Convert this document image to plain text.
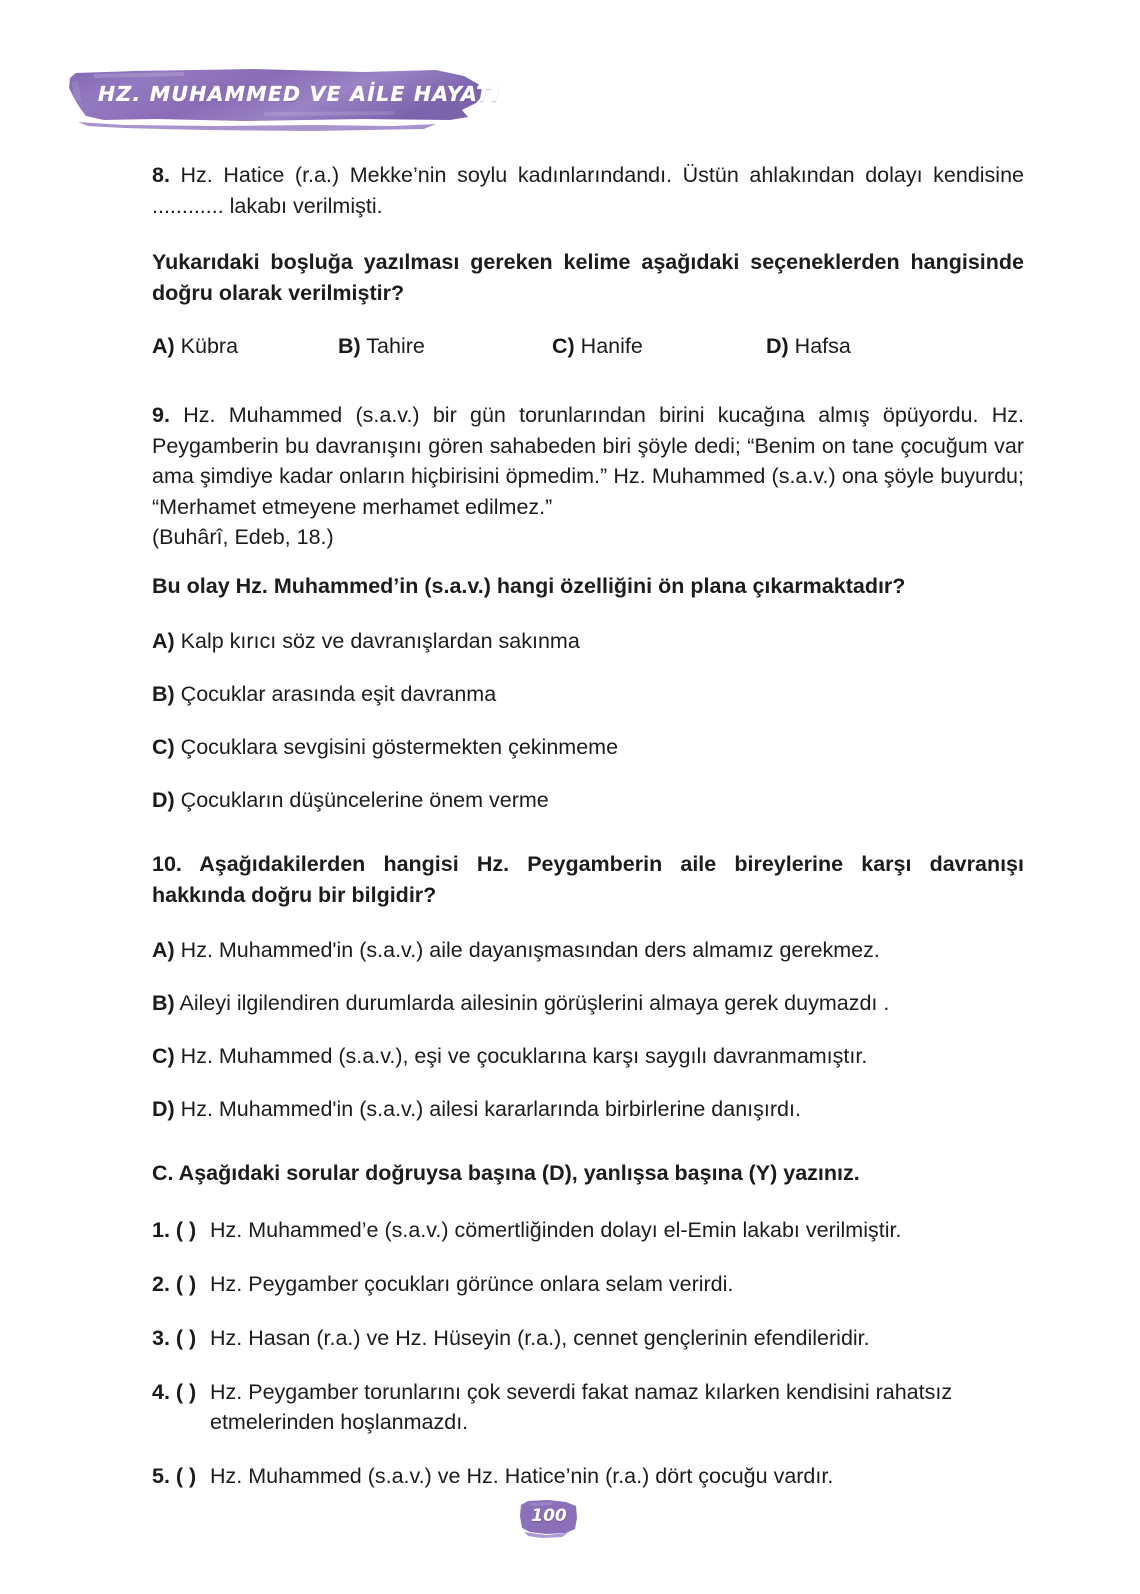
HZ. MUHAMMED VE AİLE HAYATI

8. Hz. Hatice (r.a.) Mekke’nin soylu kadınlarındandı. Üstün ahlakından dolayı kendisine ............ lakabı verilmişti.

Yukarıdaki boşluğa yazılması gereken kelime aşağıdaki seçeneklerden hangisinde doğru olarak verilmiştir?

A) Kübra	B) Tahire	C) Hanife	D) Hafsa

9. Hz. Muhammed (s.a.v.) bir gün torunlarından birini kucağına almış öpüyordu. Hz. Peygamberin bu davranışını gören sahabeden biri şöyle dedi; “Benim on tane çocuğum var ama şimdiye kadar onların hiçbirisini öpmedim.” Hz. Muhammed (s.a.v.) ona şöyle buyurdu; “Merhamet etmeyene merhamet edilmez.”

(Buhârî, Edeb, 18.)

Bu olay Hz. Muhammed’in (s.a.v.) hangi özelliğini ön plana çıkarmaktadır?

A) Kalp kırıcı söz ve davranışlardan sakınma

B) Çocuklar arasında eşit davranma

C) Çocuklara sevgisini göstermekten çekinmeme

D) Çocukların düşüncelerine önem verme

10. Aşağıdakilerden hangisi Hz. Peygamberin aile bireylerine karşı davranışı hakkında doğru bir bilgidir?

A) Hz. Muhammed'in (s.a.v.) aile dayanışmasından ders almamız gerekmez.

B) Aileyi ilgilendiren durumlarda ailesinin görüşlerini almaya gerek duymazdı .

C) Hz. Muhammed (s.a.v.), eşi ve çocuklarına karşı saygılı davranmamıştır.

D) Hz. Muhammed'in (s.a.v.) ailesi kararlarında birbirlerine danışırdı.

C. Aşağıdaki sorular doğruysa başına (D), yanlışsa başına (Y) yazınız.

1. ( ) Hz. Muhammed’e (s.a.v.) cömertliğinden dolayı el-Emin lakabı verilmiştir.

2. ( ) Hz. Peygamber çocukları görünce onlara selam verirdi.

3. ( ) Hz. Hasan (r.a.) ve Hz. Hüseyin (r.a.), cennet gençlerinin efendileridir.

4. ( ) Hz. Peygamber torunlarını çok severdi fakat namaz kılarken kendisini rahatsız etmelerinden hoşlanmazdı.

5. ( ) Hz. Muhammed (s.a.v.) ve Hz. Hatice’nin (r.a.) dört çocuğu vardır.

100
